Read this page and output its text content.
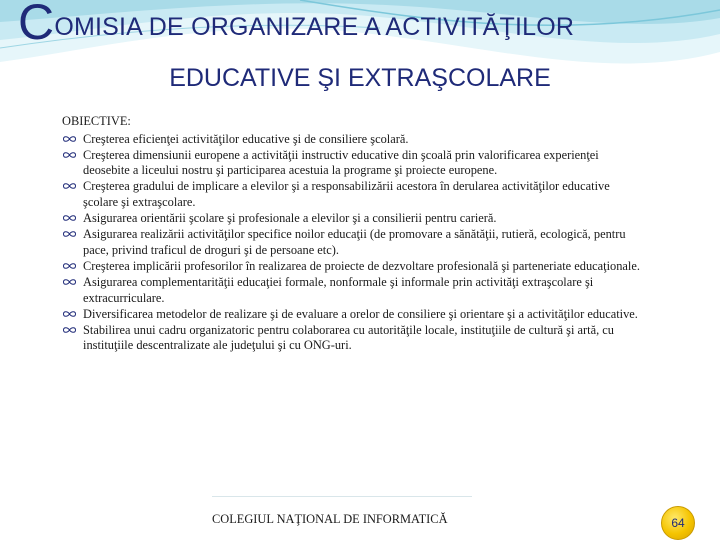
COMISIA DE ORGANIZARE A ACTIVITĂŢILOR
EDUCATIVE ŞI EXTRAŞCOLARE
OBIECTIVE:
Creşterea eficienţei activităţilor educative şi de consiliere şcolară.
Creşterea dimensiunii europene a activităţii instructiv educative din şcoală prin valorificarea experienţei deosebite a liceului nostru şi participarea acestuia la programe şi proiecte europene.
Creşterea gradului de implicare a elevilor şi a responsabilizării acestora în derularea activităţilor educative şcolare şi extraşcolare.
Asigurarea orientării şcolare şi profesionale a elevilor şi a consilierii pentru carieră.
Asigurarea realizării activităţilor specifice noilor educaţii (de promovare a sănătăţii, rutieră, ecologică, pentru pace, privind traficul de droguri şi de persoane etc).
Creşterea implicării profesorilor în realizarea de proiecte de dezvoltare profesională şi parteneriate educaţionale.
Asigurarea complementarităţii educaţiei formale, nonformale şi informale prin activităţi extraşcolare şi extracurriculare.
Diversificarea metodelor de realizare şi de evaluare a orelor de consiliere şi orientare şi a activităţilor educative.
Stabilirea unui cadru organizatoric pentru colaborarea cu autorităţile locale, instituţiile de cultură şi artă, cu instituţiile descentralizate ale judeţului şi cu ONG-uri.
COLEGIUL NAŢIONAL DE INFORMATICĂ	64
